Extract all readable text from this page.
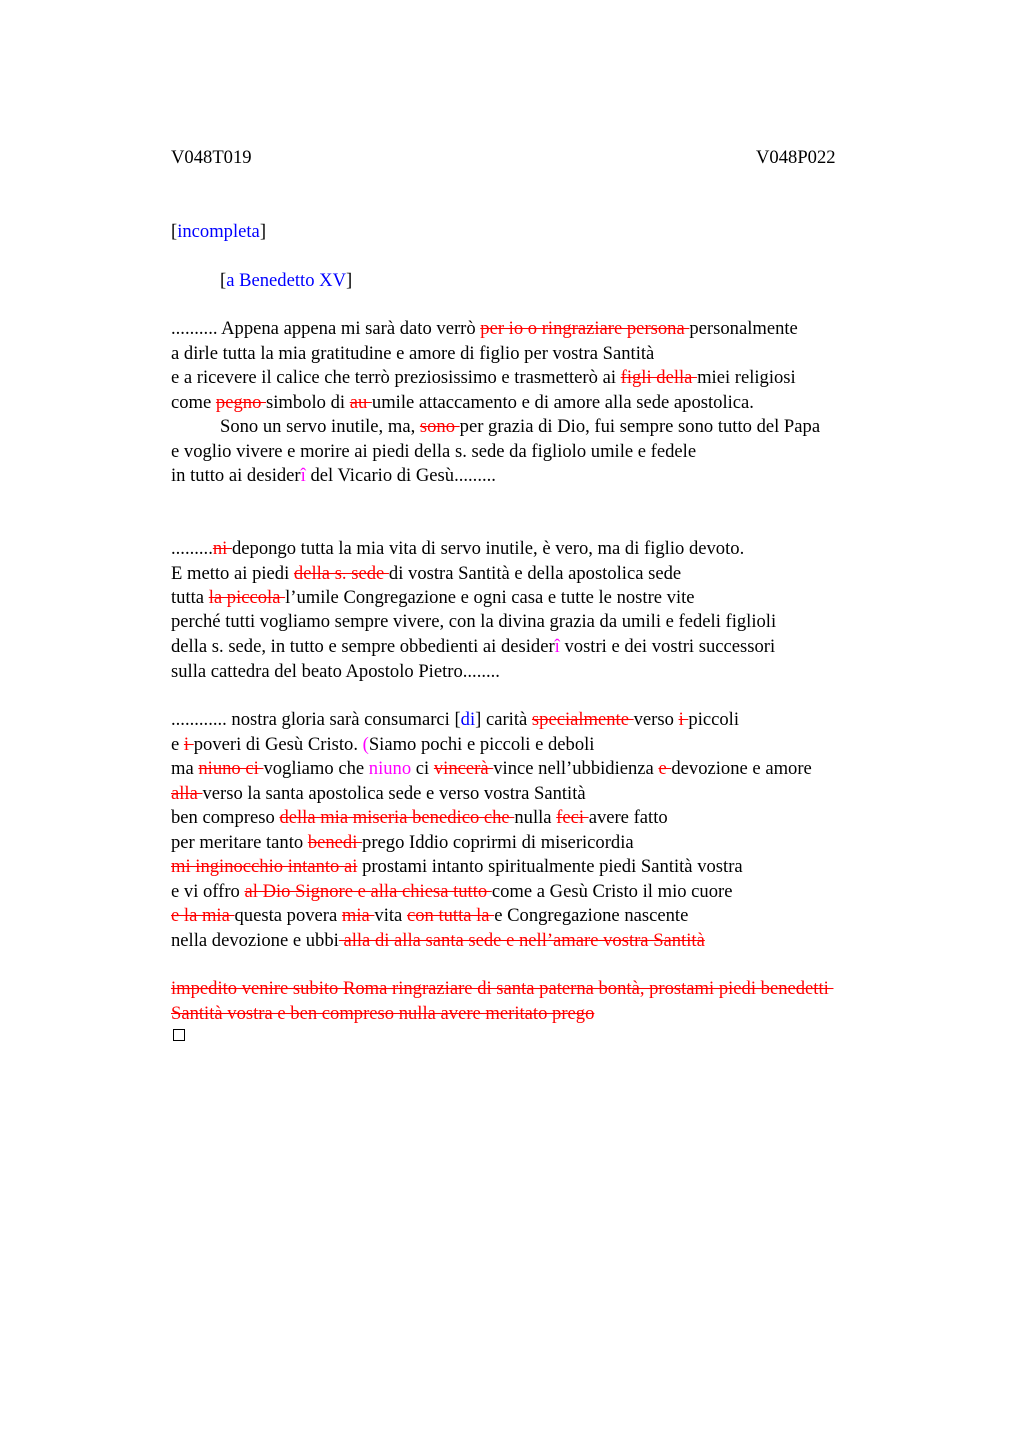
V048T019	V048P022
[incompleta]
[a Benedetto XV]
.......... Appena appena mi sarà dato verrò per io o ringraziare persona personalmente
a dirle tutta la mia gratitudine e amore di figlio per vostra Santità
e a ricevere il calice che terrò preziosissimo e trasmetterò ai figli della miei religiosi
come pegno simbolo di au umile attaccamento e di amore alla sede apostolica.
Sono un servo inutile, ma, sono per grazia di Dio, fui sempre sono tutto del Papa
e voglio vivere e morire ai piedi della s. sede da figliolo umile e fedele
in tutto ai desiderî del Vicario di Gesù.........
.........ni depongo tutta la mia vita di servo inutile, è vero, ma di figlio devoto.
E metto ai piedi della s. sede di vostra Santità e della apostolica sede
tutta la piccola l’umile Congregazione e ogni casa e tutte le nostre vite
perché tutti vogliamo sempre vivere, con la divina grazia da umili e fedeli figlioli
della s. sede, in tutto e sempre obbedienti ai desiderî vostri e dei vostri successori
sulla cattedra del beato Apostolo Pietro........
............ nostra gloria sarà consumarci [di] carità specialmente verso i piccoli
e i poveri di Gesù Cristo. (Siamo pochi e piccoli e deboli
ma niuno ci vogliamo che niuno ci vincerà vince nell’ubbidienza e devozione e amore
alla verso la santa apostolica sede e verso vostra Santità
ben compreso della mia miseria benedico che nulla feci avere fatto
per meritare tanto benedi prego Iddio coprirmi di misericordia
mi inginocchio intanto ai prostami intanto spiritualmente piedi Santità vostra
e vi offro al Dio Signore e alla chiesa tutto come a Gesù Cristo il mio cuore
e la mia questa povera mia vita con tutta la e Congregazione nascente
nella devozione e ubbi alla di alla santa sede e nell’amare vostra Santità
impedito venire subito Roma ringraziare di santa paterna bontà, prostami piedi benedetti
Santità vostra e ben compreso nulla avere meritato prego
